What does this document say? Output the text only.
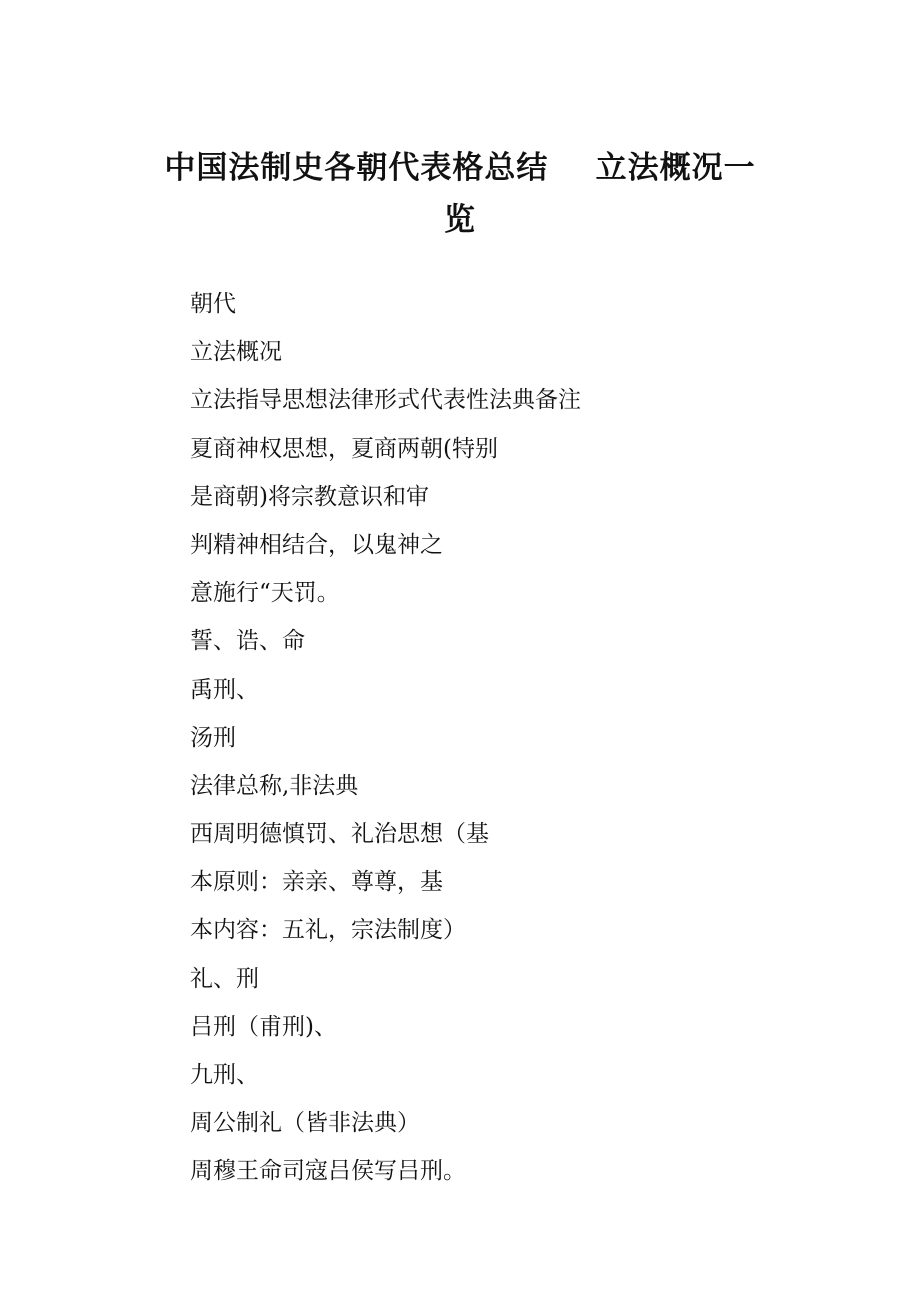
中国法制史各朝代表格总结    立法概况一
览
朝代
立法概况
立法指导思想法律形式代表性法典备注
夏商神权思想，夏商两朝(特别
是商朝)将宗教意识和审
判精神相结合，以鬼神之
意施行“天罚。
誓、诰、命
禹刑、
汤刑
法律总称,非法典
西周明德慎罚、礼治思想（基
本原则：亲亲、尊尊，基
本内容：五礼，宗法制度）
礼、刑
吕刑（甫刑)、
九刑、
周公制礼（皆非法典）
周穆王命司寇吕侯写吕刑。
